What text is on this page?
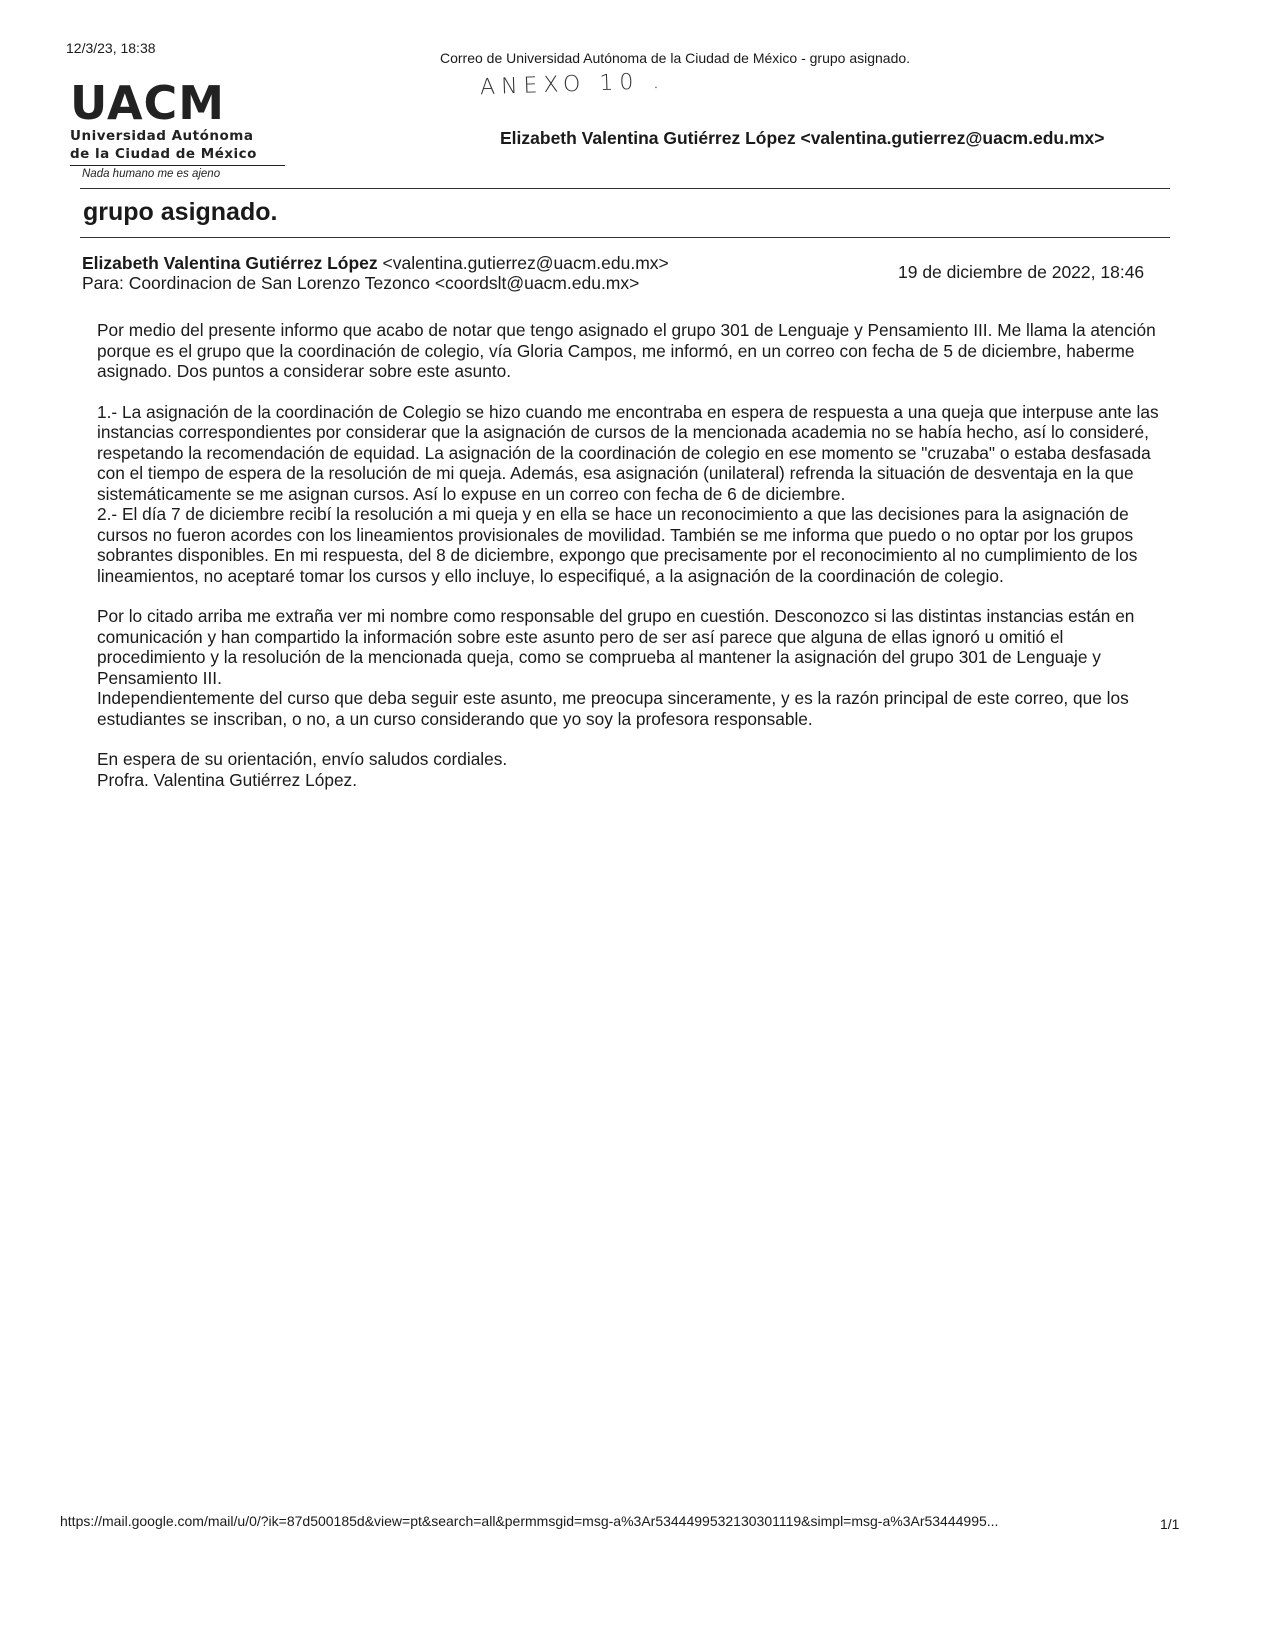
12/3/23, 18:38
Correo de Universidad Autónoma de la Ciudad de México - grupo asignado.
ANEXO 10 .
UACM
Universidad Autónoma
de la Ciudad de México
Nada humano me es ajeno
Elizabeth Valentina Gutiérrez López <valentina.gutierrez@uacm.edu.mx>
grupo asignado.
Elizabeth Valentina Gutiérrez López <valentina.gutierrez@uacm.edu.mx>
Para: Coordinacion de San Lorenzo Tezonco <coordslt@uacm.edu.mx>
19 de diciembre de 2022, 18:46

Por medio del presente informo que acabo de notar que tengo asignado el grupo 301 de Lenguaje y Pensamiento III. Me llama la atención porque es el grupo que la coordinación de colegio, vía Gloria Campos, me informó, en un correo con fecha de 5 de diciembre, haberme asignado. Dos puntos a considerar sobre este asunto.

1.- La asignación de la coordinación de Colegio se hizo cuando me encontraba en espera de respuesta a una queja que interpuse ante las instancias correspondientes por considerar que la asignación de cursos de la mencionada academia no se había hecho, así lo consideré, respetando la recomendación de equidad. La asignación de la coordinación de colegio en ese momento se "cruzaba" o estaba desfasada con el tiempo de espera de la resolución de mi queja. Además, esa asignación (unilateral) refrenda la situación de desventaja en la que sistemáticamente se me asignan cursos. Así lo expuse en un correo con fecha de 6 de diciembre.

2.- El día 7 de diciembre recibí la resolución a mi queja y en ella se hace un reconocimiento a que las decisiones para la asignación de cursos no fueron acordes con los lineamientos provisionales de movilidad. También se me informa que puedo o no optar por los grupos sobrantes disponibles. En mi respuesta, del 8 de diciembre, expongo que precisamente por el reconocimiento al no cumplimiento de los lineamientos, no aceptaré tomar los cursos y ello incluye, lo especifiqué, a la asignación de la coordinación de colegio.

Por lo citado arriba me extraña ver mi nombre como responsable del grupo en cuestión. Desconozco si las distintas instancias están en comunicación y han compartido la información sobre este asunto pero de ser así parece que alguna de ellas ignoró u omitió el procedimiento y la resolución de la mencionada queja, como se comprueba al mantener la asignación del grupo 301 de Lenguaje y Pensamiento III.

Independientemente del curso que deba seguir este asunto, me preocupa sinceramente, y es la razón principal de este correo, que los estudiantes se inscriban, o no, a un curso considerando que yo soy la profesora responsable.

En espera de su orientación, envío saludos cordiales.

Profra. Valentina Gutiérrez López.

https://mail.google.com/mail/u/0/?ik=87d500185d&view=pt&search=all&permmsgid=msg-a%3Ar5344499532130301119&simpl=msg-a%3Ar53444995...	1/1
